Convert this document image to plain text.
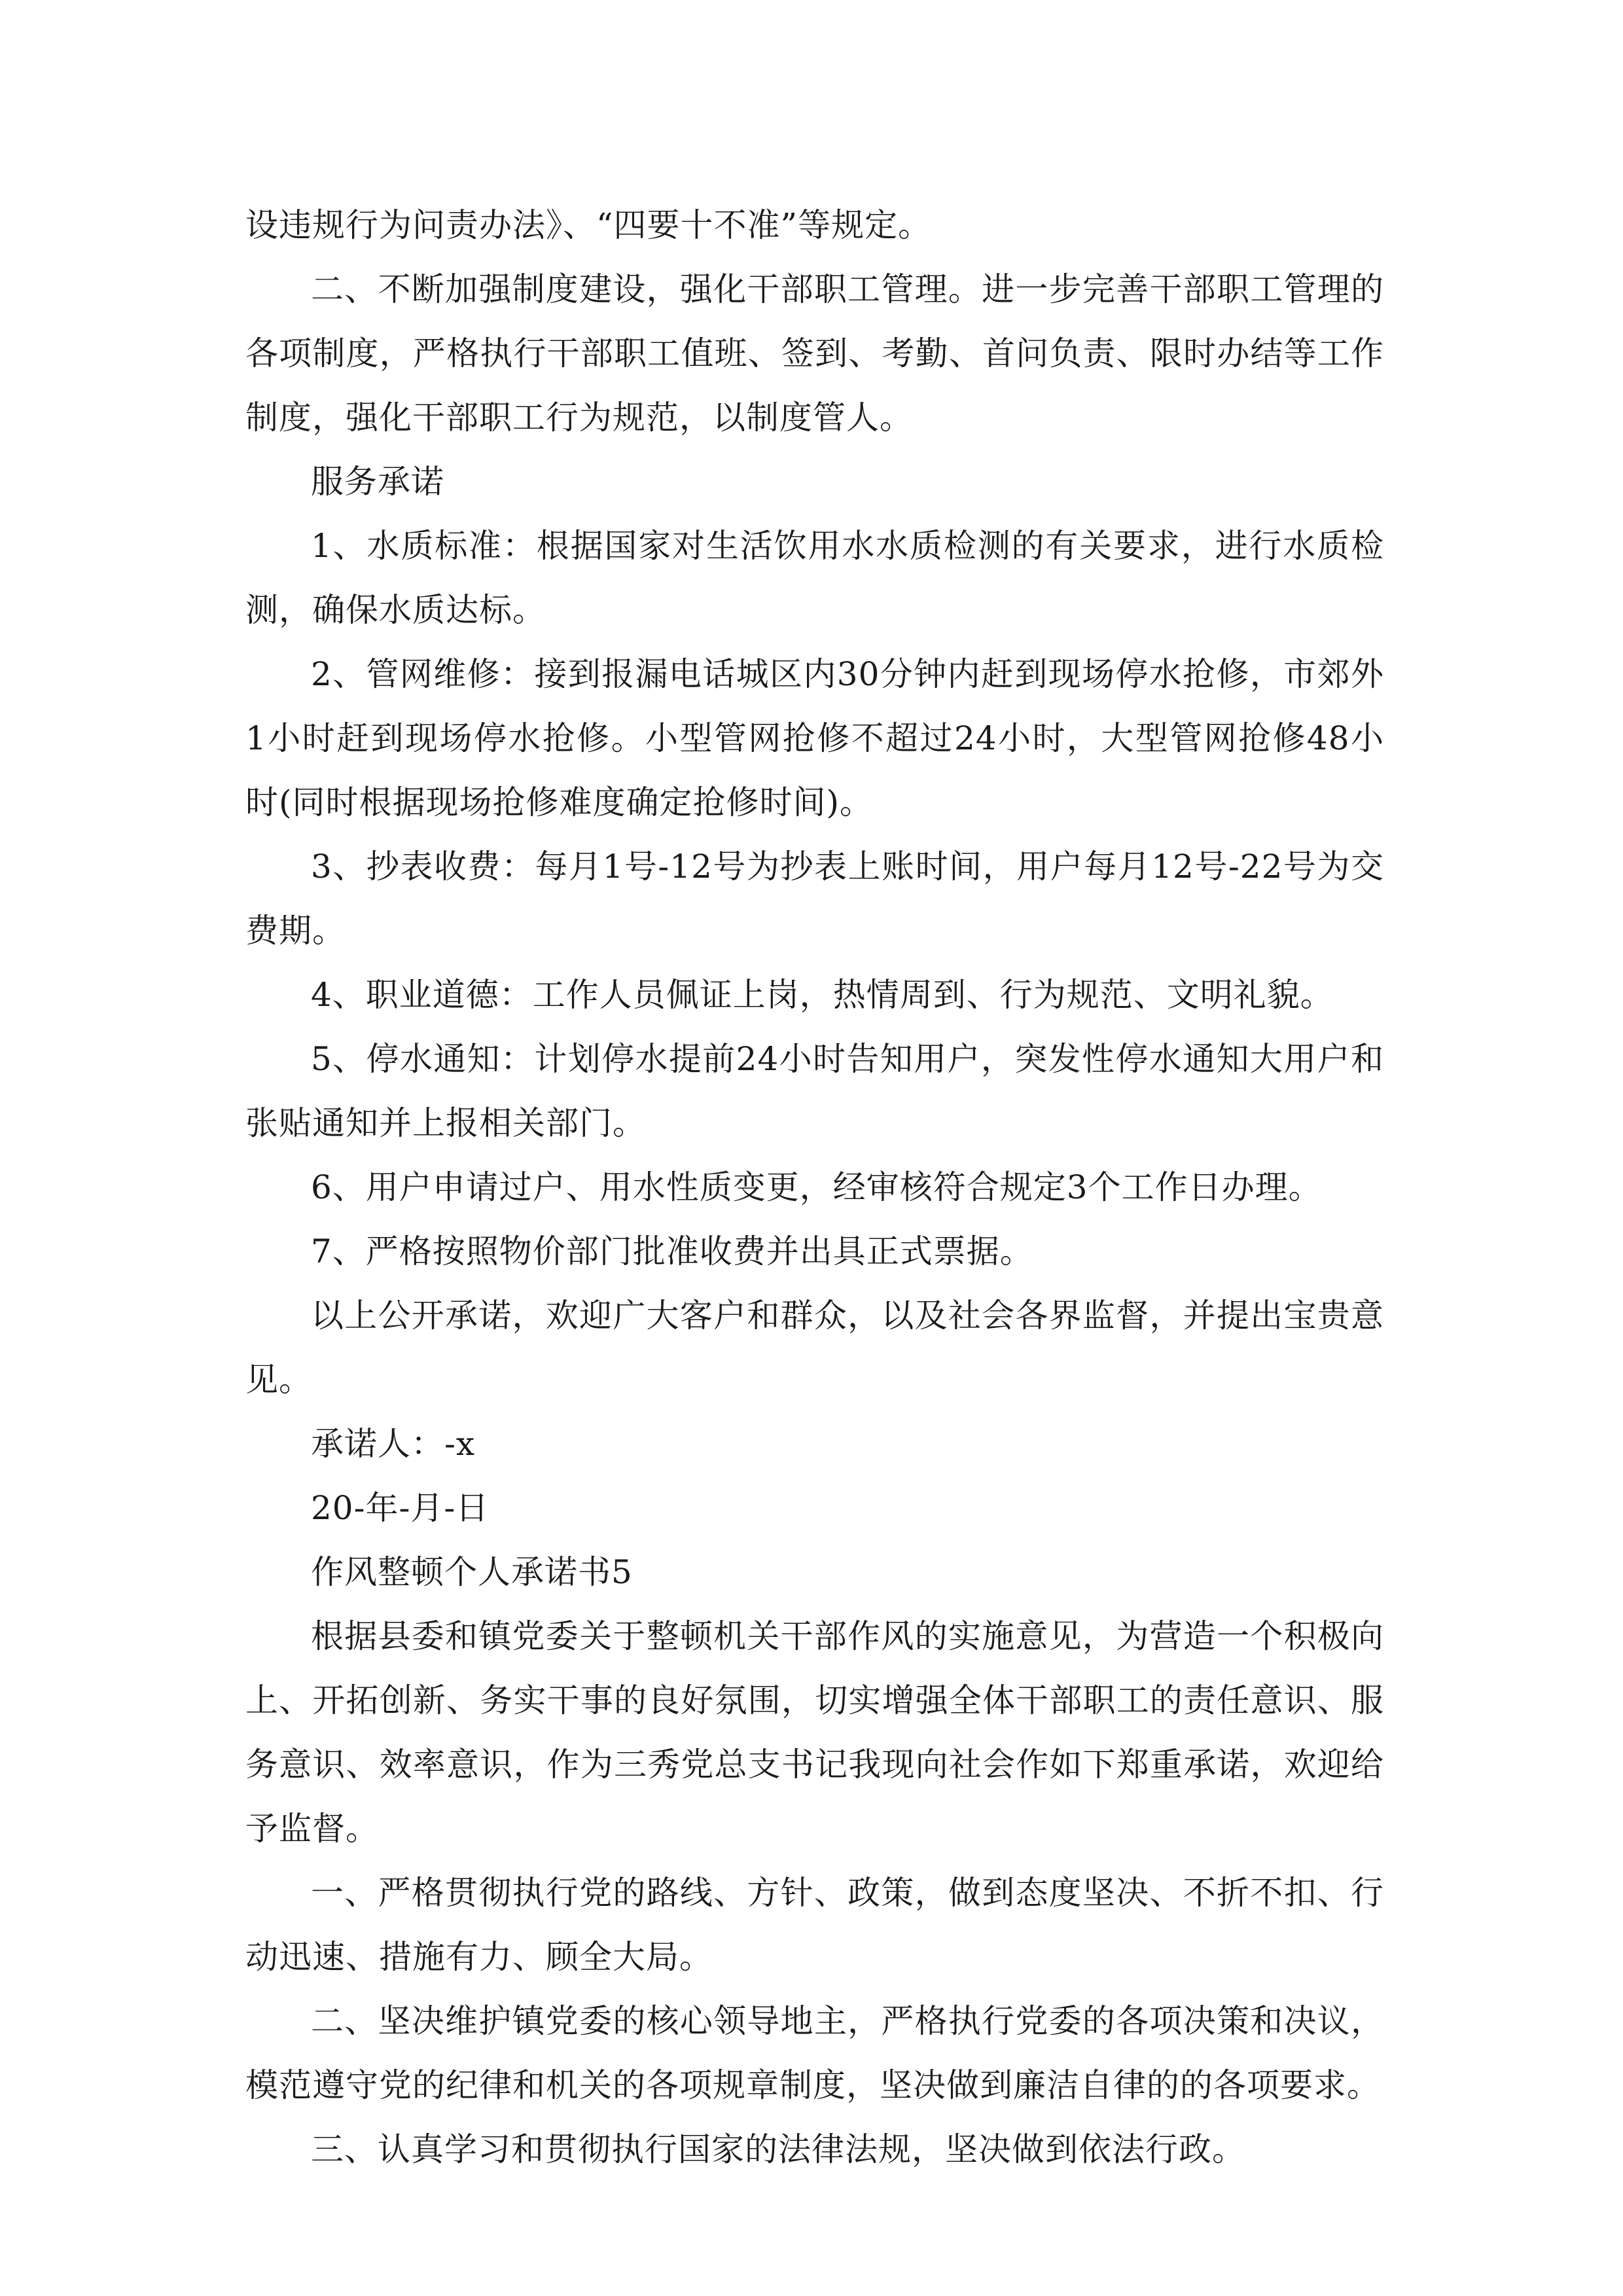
设违规行为问责办法》、“四要十不准”等规定。

二、不断加强制度建设，强化干部职工管理。进一步完善干部职工管理的各项制度，严格执行干部职工值班、签到、考勤、首问负责、限时办结等工作制度，强化干部职工行为规范，以制度管人。

服务承诺

1、水质标准：根据国家对生活饮用水水质检测的有关要求，进行水质检测，确保水质达标。

2、管网维修：接到报漏电话城区内30分钟内赶到现场停水抢修，市郊外1小时赶到现场停水抢修。小型管网抢修不超过24小时，大型管网抢修48小时(同时根据现场抢修难度确定抢修时间)。

3、抄表收费：每月1号-12号为抄表上账时间，用户每月12号-22号为交费期。

4、职业道德：工作人员佩证上岗，热情周到、行为规范、文明礼貌。

5、停水通知：计划停水提前24小时告知用户，突发性停水通知大用户和张贴通知并上报相关部门。

6、用户申请过户、用水性质变更，经审核符合规定3个工作日办理。

7、严格按照物价部门批准收费并出具正式票据。

以上公开承诺，欢迎广大客户和群众，以及社会各界监督，并提出宝贵意见。

承诺人：-x

20-年-月-日

作风整顿个人承诺书5

根据县委和镇党委关于整顿机关干部作风的实施意见，为营造一个积极向上、开拓创新、务实干事的良好氛围，切实增强全体干部职工的责任意识、服务意识、效率意识，作为三秀党总支书记我现向社会作如下郑重承诺，欢迎给予监督。

一、严格贯彻执行党的路线、方针、政策，做到态度坚决、不折不扣、行动迅速、措施有力、顾全大局。

二、坚决维护镇党委的核心领导地主，严格执行党委的各项决策和决议，模范遵守党的纪律和机关的各项规章制度，坚决做到廉洁自律的的各项要求。

三、认真学习和贯彻执行国家的法律法规，坚决做到依法行政。
